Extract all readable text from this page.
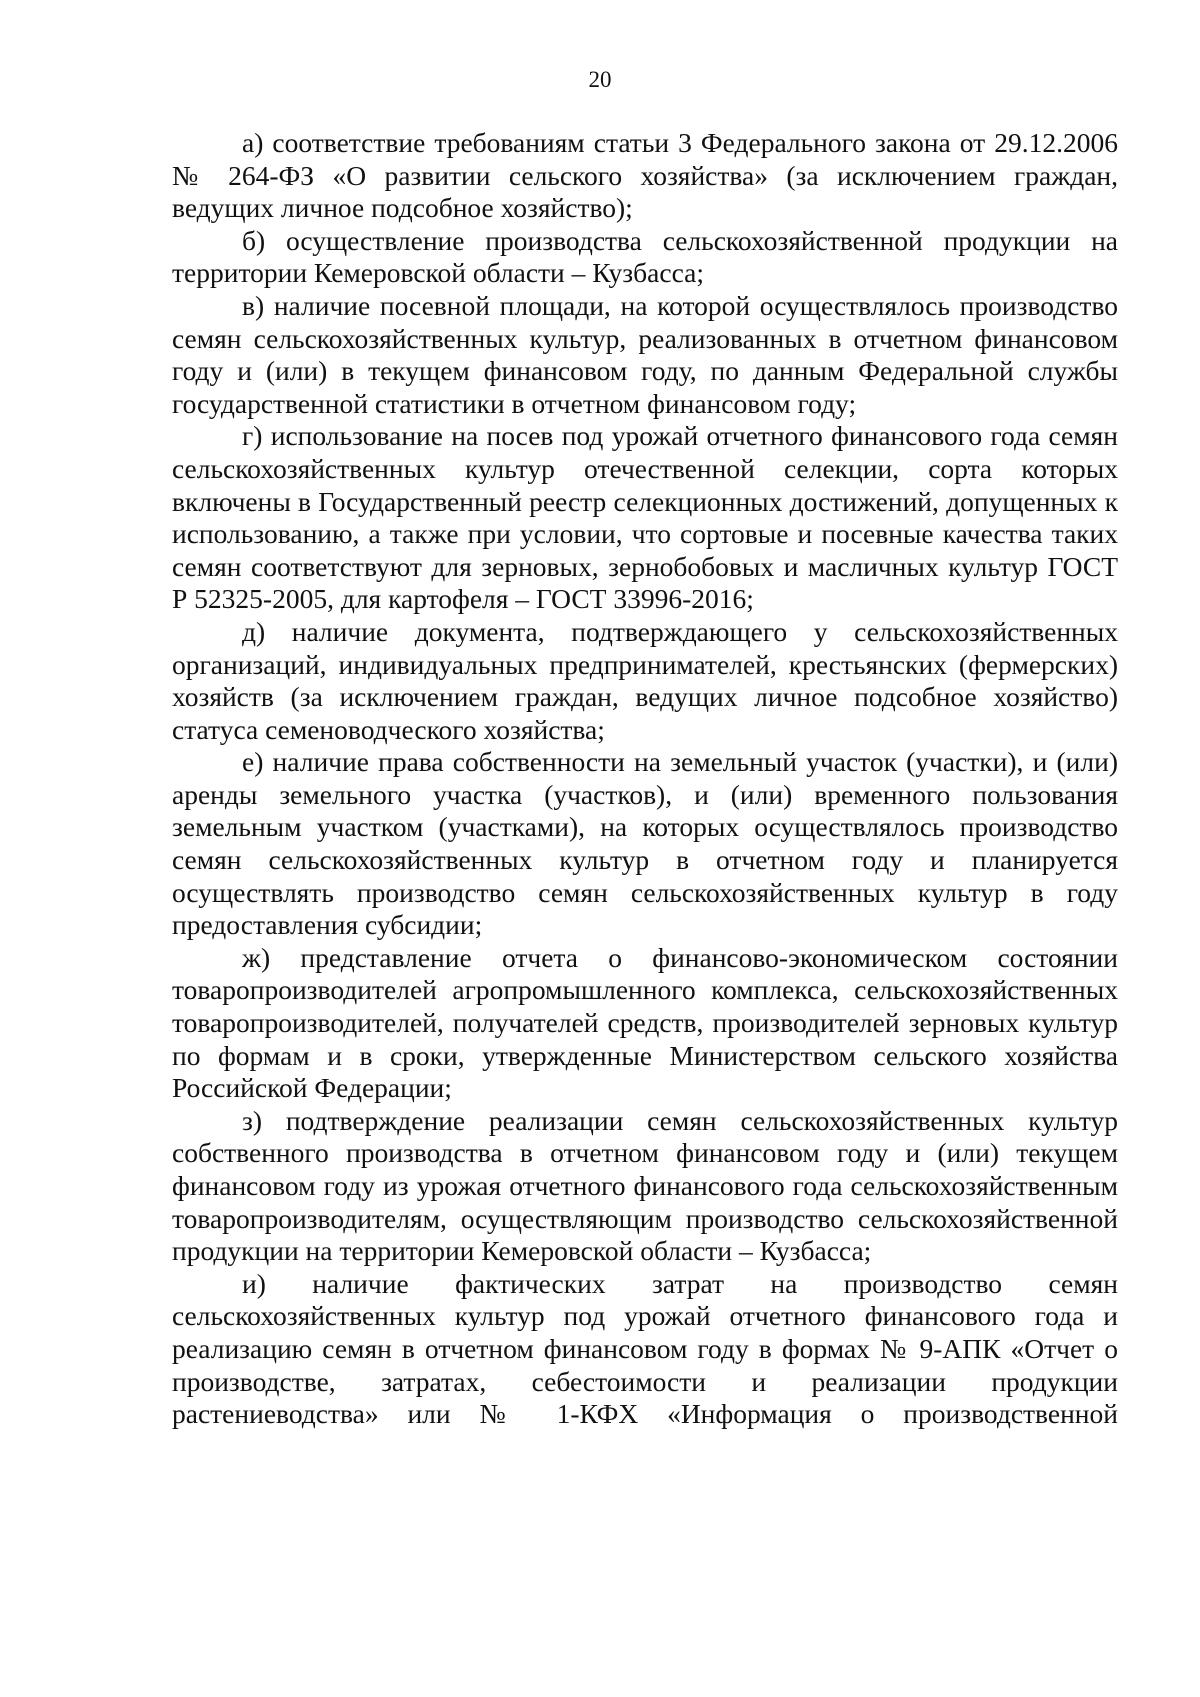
20

а) соответствие требованиям статьи 3 Федерального закона от 29.12.2006 № 264-ФЗ «О развитии сельского хозяйства» (за исключением граждан, ведущих личное подсобное хозяйство);

б) осуществление производства сельскохозяйственной продукции на территории Кемеровской области – Кузбасса;

в) наличие посевной площади, на которой осуществлялось производство семян сельскохозяйственных культур, реализованных в отчетном финансовом году и (или) в текущем финансовом году, по данным Федеральной службы государственной статистики в отчетном финансовом году;

г) использование на посев под урожай отчетного финансового года семян сельскохозяйственных культур отечественной селекции, сорта которых включены в Государственный реестр селекционных достижений, допущенных к использованию, а также при условии, что сортовые и посевные качества таких семян соответствуют для зерновых, зернобобовых и масличных культур ГОСТ Р 52325-2005, для картофеля – ГОСТ 33996-2016;

д) наличие документа, подтверждающего у сельскохозяйственных организаций, индивидуальных предпринимателей, крестьянских (фермерских) хозяйств (за исключением граждан, ведущих личное подсобное хозяйство) статуса семеноводческого хозяйства;

е) наличие права собственности на земельный участок (участки), и (или) аренды земельного участка (участков), и (или) временного пользования земельным участком (участками), на которых осуществлялось производство семян сельскохозяйственных культур в отчетном году и планируется осуществлять производство семян сельскохозяйственных культур в году предоставления субсидии;

ж) представление отчета о финансово-экономическом состоянии товаропроизводителей агропромышленного комплекса, сельскохозяйственных товаропроизводителей, получателей средств, производителей зерновых культур по формам и в сроки, утвержденные Министерством сельского хозяйства Российской Федерации;

з) подтверждение реализации семян сельскохозяйственных культур собственного производства в отчетном финансовом году и (или) текущем финансовом году из урожая отчетного финансового года сельскохозяйственным товаропроизводителям, осуществляющим производство сельскохозяйственной продукции на территории Кемеровской области – Кузбасса;

и) наличие фактических затрат на производство семян сельскохозяйственных культур под урожай отчетного финансового года и реализацию семян в отчетном финансовом году в формах № 9-АПК «Отчет о производстве, затратах, себестоимости и реализации продукции растениеводства» или № 1-КФХ «Информация о производственной
